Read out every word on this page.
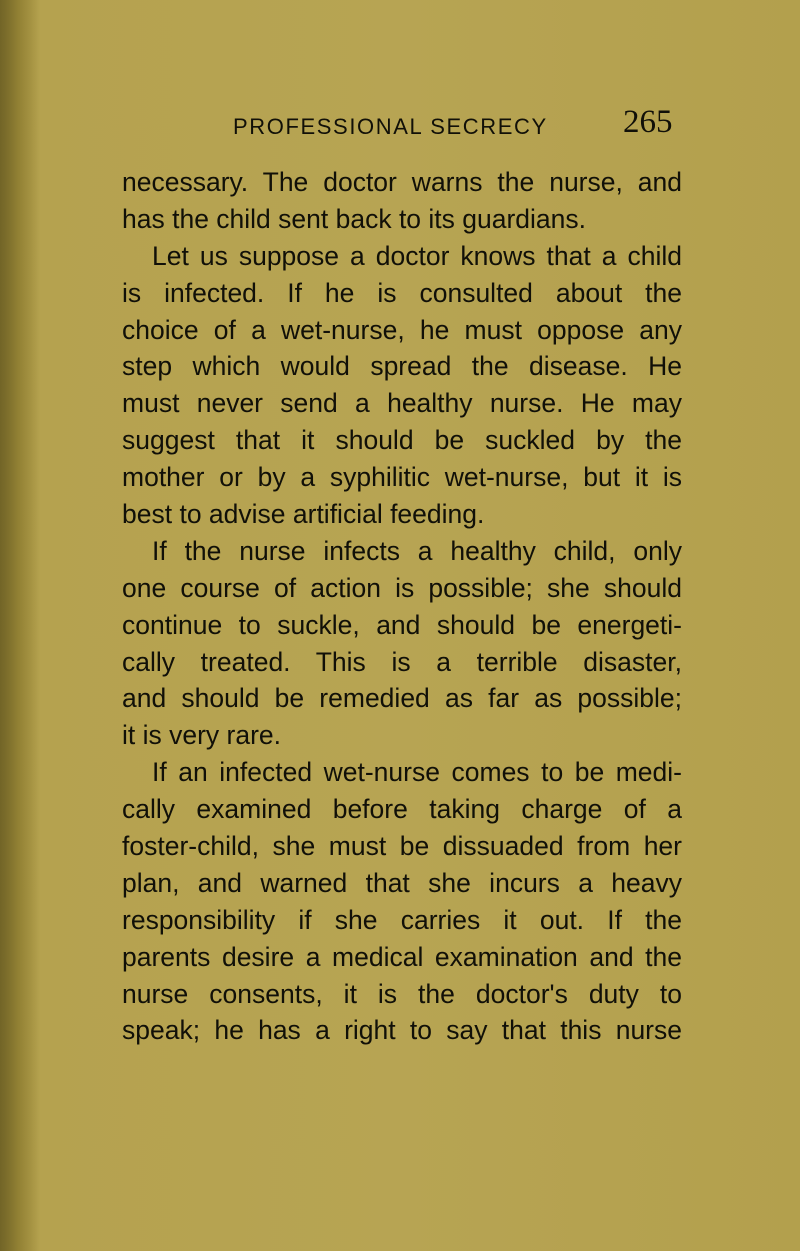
PROFESSIONAL SECRECY 265
necessary. The doctor warns the nurse, and
has the child sent back to its guardians.
Let us suppose a doctor knows that a child
is infected. If he is consulted about the
choice of a wet-nurse, he must oppose any
step which would spread the disease. He
must never send a healthy nurse. He may
suggest that it should be suckled by the
mother or by a syphilitic wet-nurse, but it is
best to advise artificial feeding.
If the nurse infects a healthy child, only
one course of action is possible; she should
continue to suckle, and should be energeti-
cally treated. This is a terrible disaster,
and should be remedied as far as possible;
it is very rare.
If an infected wet-nurse comes to be medi-
cally examined before taking charge of a
foster-child, she must be dissuaded from her
plan, and warned that she incurs a heavy
responsibility if she carries it out. If the
parents desire a medical examination and the
nurse consents, it is the doctor's duty to
speak; he has a right to say that this nurse
